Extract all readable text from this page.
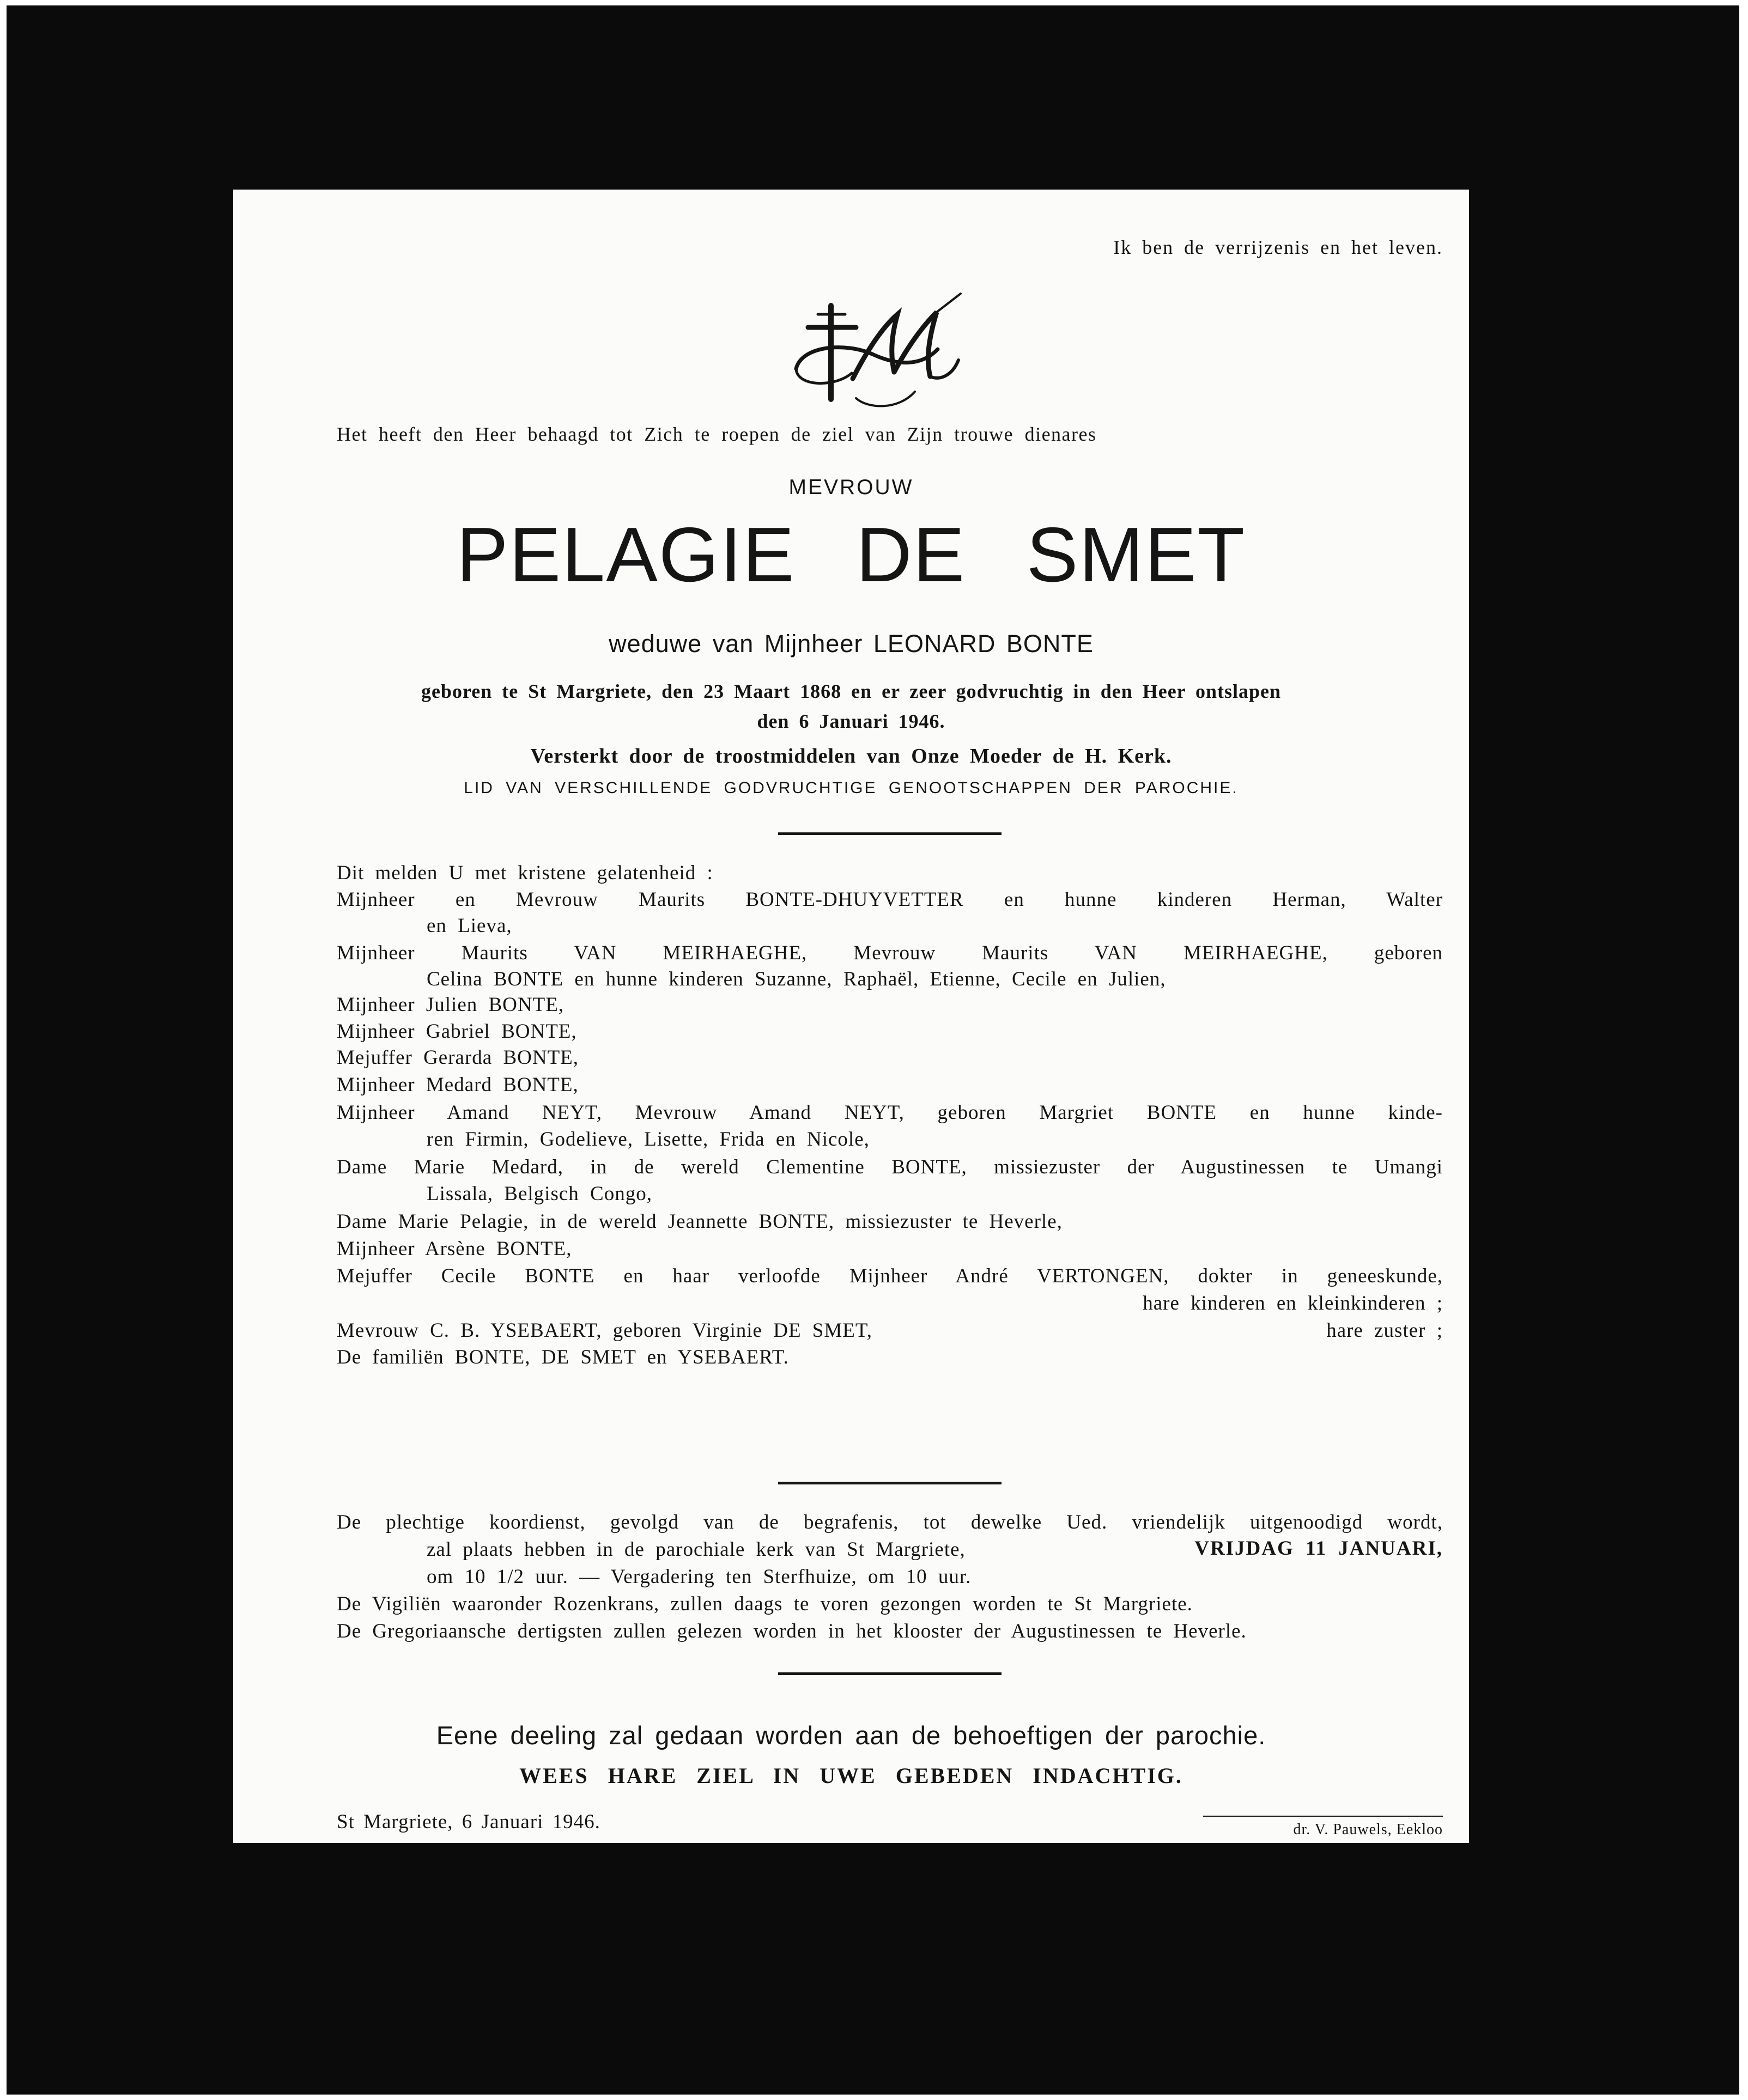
Ik ben de verrijzenis en het leven.
Het heeft den Heer behaagd tot Zich te roepen de ziel van Zijn trouwe dienares
MEVROUW
PELAGIE DE SMET
weduwe van Mijnheer LEONARD BONTE
geboren te St Margriete, den 23 Maart 1868 en er zeer godvruchtig in den Heer ontslapen
den 6 Januari 1946.
Versterkt door de troostmiddelen van Onze Moeder de H. Kerk.
LID VAN VERSCHILLENDE GODVRUCHTIGE GENOOTSCHAPPEN DER PAROCHIE.
Dit melden U met kristene gelatenheid :
Mijnheer en Mevrouw Maurits BONTE-DHUYVETTER en hunne kinderen Herman, Walter
en Lieva,
Mijnheer Maurits VAN MEIRHAEGHE, Mevrouw Maurits VAN MEIRHAEGHE, geboren
Celina BONTE en hunne kinderen Suzanne, Raphaël, Etienne, Cecile en Julien,
Mijnheer Julien BONTE,
Mijnheer Gabriel BONTE,
Mejuffer Gerarda BONTE,
Mijnheer Medard BONTE,
Mijnheer Amand NEYT, Mevrouw Amand NEYT, geboren Margriet BONTE en hunne kinde-
ren Firmin, Godelieve, Lisette, Frida en Nicole,
Dame Marie Medard, in de wereld Clementine BONTE, missiezuster der Augustinessen te Umangi
Lissala, Belgisch Congo,
Dame Marie Pelagie, in de wereld Jeannette BONTE, missiezuster te Heverle,
Mijnheer Arsène BONTE,
Mejuffer Cecile BONTE en haar verloofde Mijnheer André VERTONGEN, dokter in geneeskunde,
hare kinderen en kleinkinderen ;
Mevrouw C. B. YSEBAERT, geboren Virginie DE SMET,	hare zuster ;
De familiën BONTE, DE SMET en YSEBAERT.
De plechtige koordienst, gevolgd van de begrafenis, tot dewelke Ued. vriendelijk uitgenoodigd wordt,
zal plaats hebben in de parochiale kerk van St Margriete,	VRIJDAG 11 JANUARI,
om 10 1/2 uur. — Vergadering ten Sterfhuize, om 10 uur.
De Vigiliën waaronder Rozenkrans, zullen daags te voren gezongen worden te St Margriete.
De Gregoriaansche dertigsten zullen gelezen worden in het klooster der Augustinessen te Heverle.
Eene deeling zal gedaan worden aan de behoeftigen der parochie.
WEES HARE ZIEL IN UWE GEBEDEN INDACHTIG.
St Margriete, 6 Januari 1946.	dr. V. Pauwels, Eekloo
